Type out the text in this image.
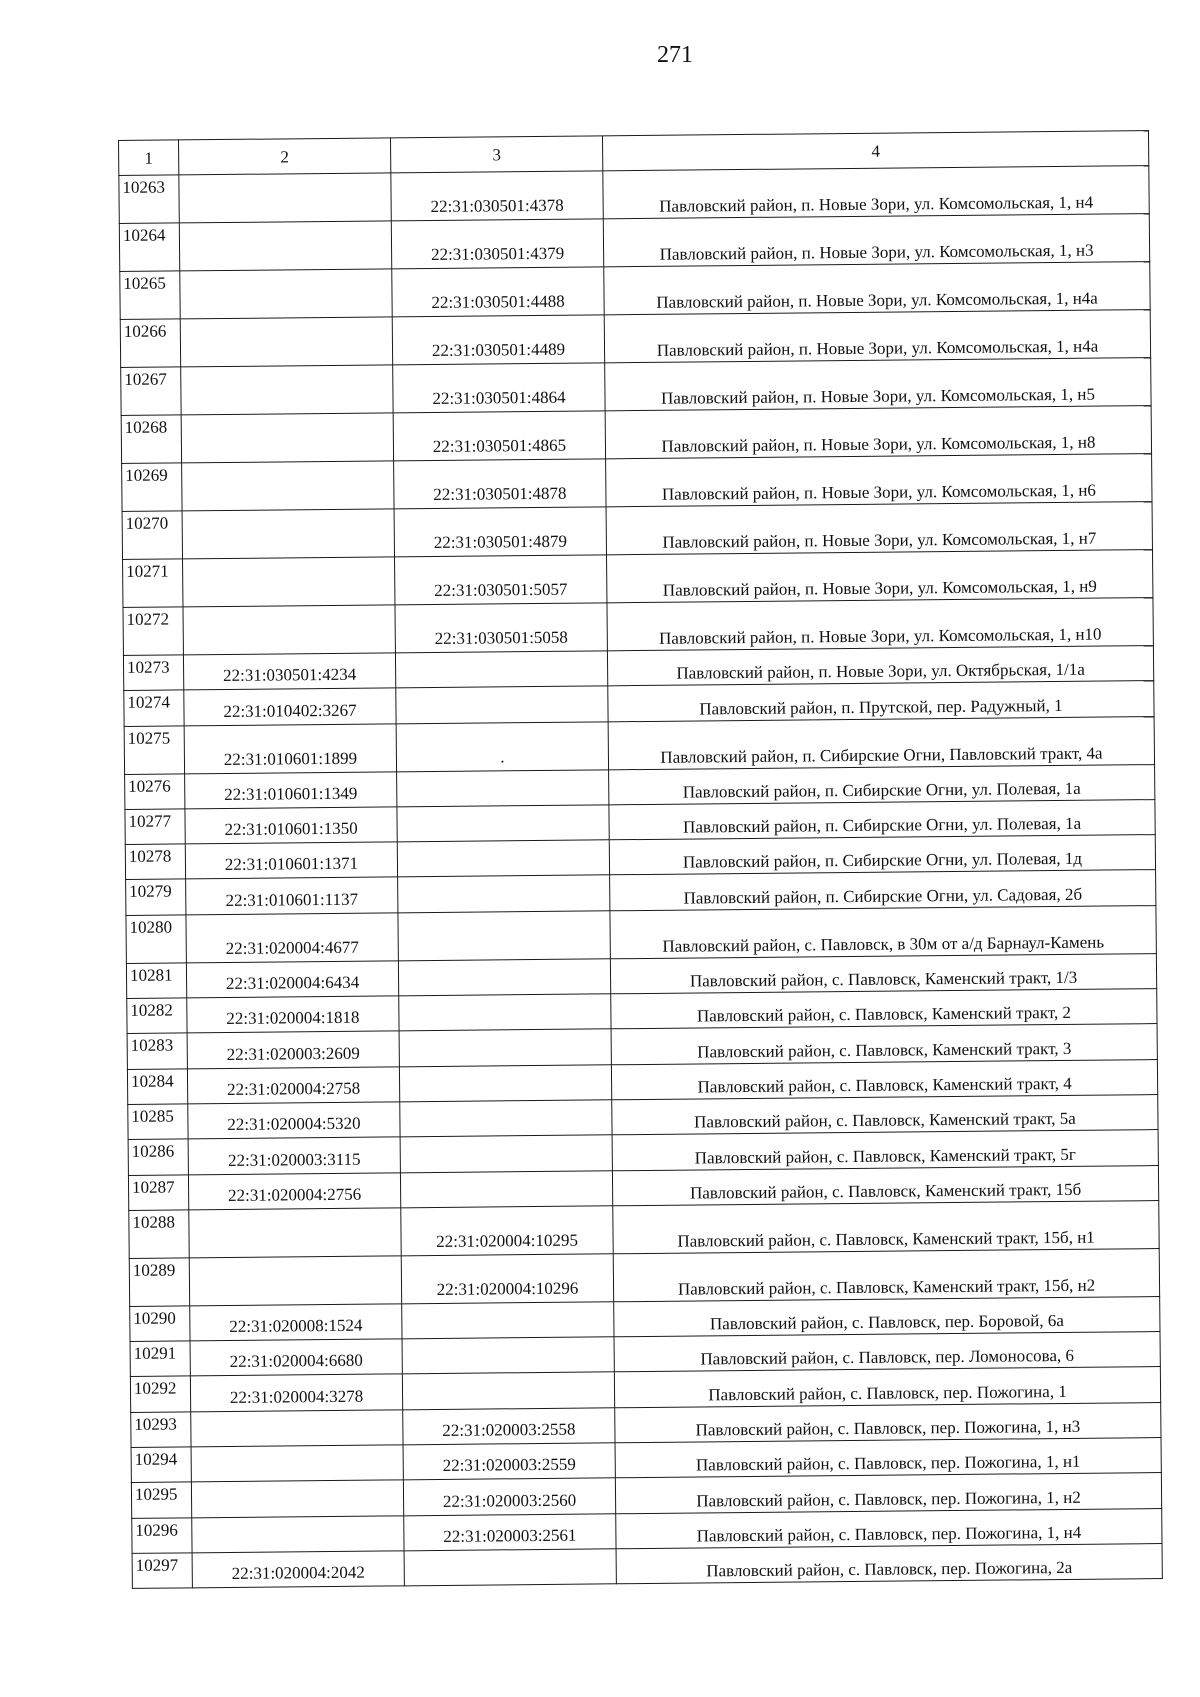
271
1	2	3	4
10263		22:31:030501:4378	Павловский район, п. Новые Зори, ул. Комсомольская, 1, н4
10264		22:31:030501:4379	Павловский район, п. Новые Зори, ул. Комсомольская, 1, н3
10265		22:31:030501:4488	Павловский район, п. Новые Зори, ул. Комсомольская, 1, н4а
10266		22:31:030501:4489	Павловский район, п. Новые Зори, ул. Комсомольская, 1, н4а
10267		22:31:030501:4864	Павловский район, п. Новые Зори, ул. Комсомольская, 1, н5
10268		22:31:030501:4865	Павловский район, п. Новые Зори, ул. Комсомольская, 1, н8
10269		22:31:030501:4878	Павловский район, п. Новые Зори, ул. Комсомольская, 1, н6
10270		22:31:030501:4879	Павловский район, п. Новые Зори, ул. Комсомольская, 1, н7
10271		22:31:030501:5057	Павловский район, п. Новые Зори, ул. Комсомольская, 1, н9
10272		22:31:030501:5058	Павловский район, п. Новые Зори, ул. Комсомольская, 1, н10
10273	22:31:030501:4234		Павловский район, п. Новые Зори, ул. Октябрьская, 1/1а
10274	22:31:010402:3267		Павловский район, п. Прутской, пер. Радужный, 1
10275	22:31:010601:1899	.	Павловский район, п. Сибирские Огни, Павловский тракт, 4а
10276	22:31:010601:1349		Павловский район, п. Сибирские Огни, ул. Полевая, 1а
10277	22:31:010601:1350		Павловский район, п. Сибирские Огни, ул. Полевая, 1а
10278	22:31:010601:1371		Павловский район, п. Сибирские Огни, ул. Полевая, 1д
10279	22:31:010601:1137		Павловский район, п. Сибирские Огни, ул. Садовая, 2б
10280	22:31:020004:4677		Павловский район, с. Павловск, в 30м от а/д Барнаул-Камень
10281	22:31:020004:6434		Павловский район, с. Павловск, Каменский тракт, 1/3
10282	22:31:020004:1818		Павловский район, с. Павловск, Каменский тракт, 2
10283	22:31:020003:2609		Павловский район, с. Павловск, Каменский тракт, 3
10284	22:31:020004:2758		Павловский район, с. Павловск, Каменский тракт, 4
10285	22:31:020004:5320		Павловский район, с. Павловск, Каменский тракт, 5а
10286	22:31:020003:3115		Павловский район, с. Павловск, Каменский тракт, 5г
10287	22:31:020004:2756		Павловский район, с. Павловск, Каменский тракт, 15б
10288		22:31:020004:10295	Павловский район, с. Павловск, Каменский тракт, 15б, н1
10289		22:31:020004:10296	Павловский район, с. Павловск, Каменский тракт, 15б, н2
10290	22:31:020008:1524		Павловский район, с. Павловск, пер. Боровой, 6а
10291	22:31:020004:6680		Павловский район, с. Павловск, пер. Ломоносова, 6
10292	22:31:020004:3278		Павловский район, с. Павловск, пер. Пожогина, 1
10293		22:31:020003:2558	Павловский район, с. Павловск, пер. Пожогина, 1, н3
10294		22:31:020003:2559	Павловский район, с. Павловск, пер. Пожогина, 1, н1
10295		22:31:020003:2560	Павловский район, с. Павловск, пер. Пожогина, 1, н2
10296		22:31:020003:2561	Павловский район, с. Павловск, пер. Пожогина, 1, н4
10297	22:31:020004:2042		Павловский район, с. Павловск, пер. Пожогина, 2а
